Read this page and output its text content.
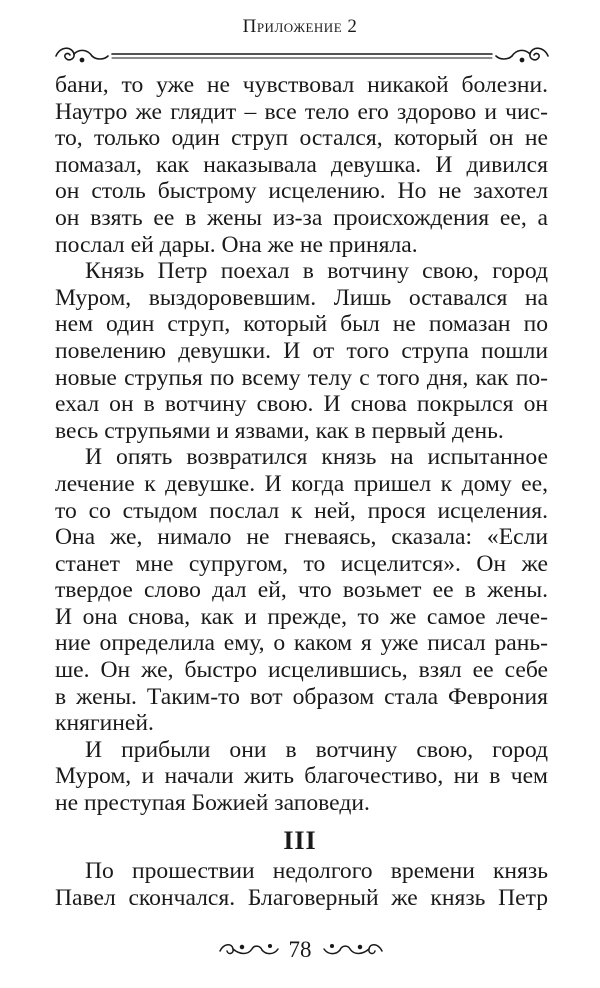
Приложение 2

бани, то уже не чувствовал никакой болезни.
Наутро же глядит – все тело его здорово и чис-
то, только один струп остался, который он не
помазал, как наказывала девушка. И дивился
он столь быстрому исцелению. Но не захотел
он взять ее в жены из-за происхождения ее, а

послал ей дары. Она же не приняла.

Князь Петр поехал в вотчину свою, город
Муром, выздоровевшим. Лишь оставался на
нем один струп, который был не помазан по
повелению девушки. И от того струпа пошли
новые струпья по всему телу с того дня, как по-
ехал он в вотчину свою. И снова покрылся он

весь струпьями и язвами, как в первый день.

И опять возвратился князь на испытанное
лечение к девушке. И когда пришел к дому ее,
то со стыдом послал к ней, прося исцеления.
Она же, нимало не гневаясь, сказала: «Если
станет мне супругом, то исцелится». Он же
твердое слово дал ей, что возьмет ее в жены.
И она снова, как и прежде, то же самое лече-
ние определила ему, о каком я уже писал рань-
ше. Он же, быстро исцелившись, взял ее себе
в жены. Таким-то вот образом стала Феврония

княгиней.

И прибыли они в вотчину свою, город
Муром, и начали жить благочестиво, ни в чем

не преступая Божией заповеди.

III

По прошествии недолгого времени князь
Павел скончался. Благоверный же князь Петр

78
